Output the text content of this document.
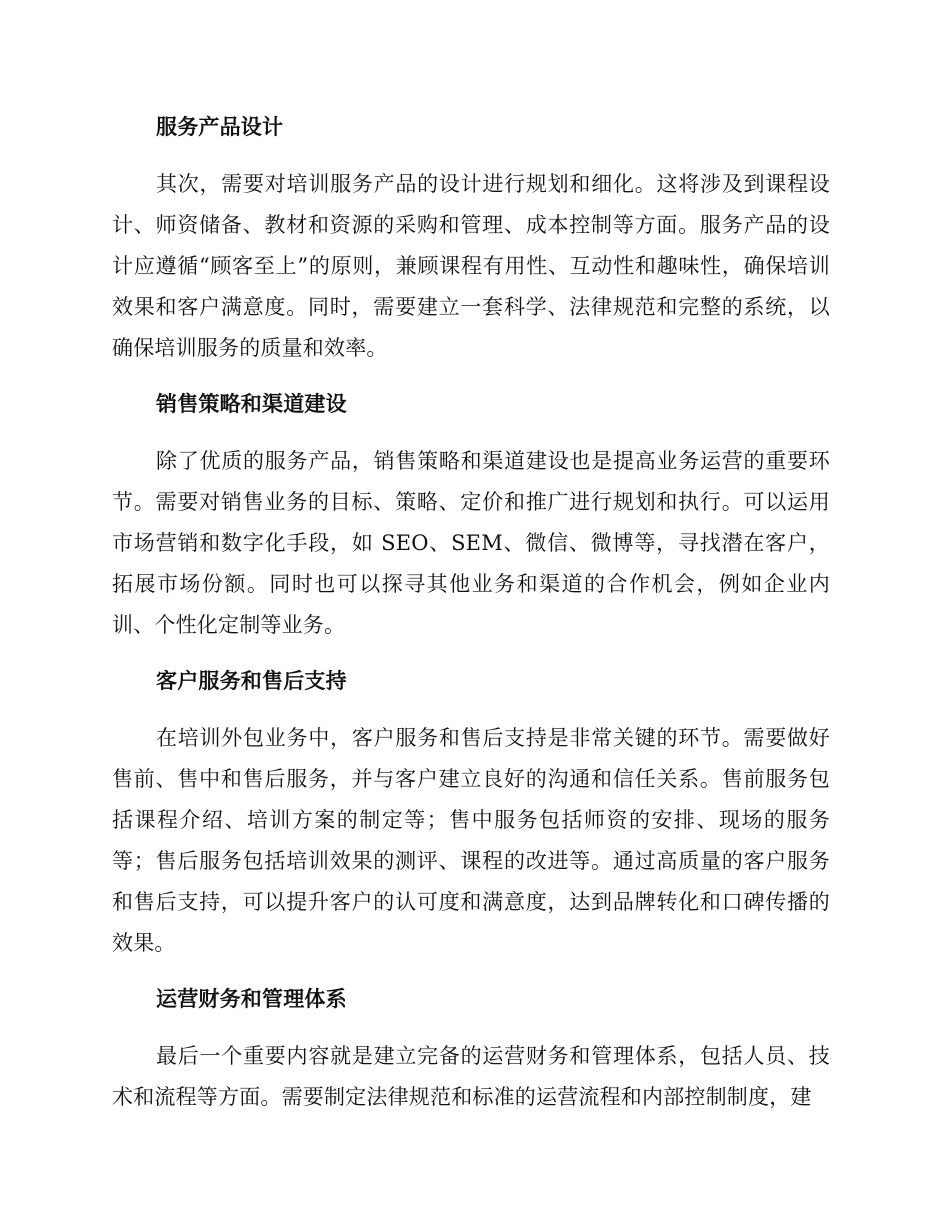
服务产品设计

其次，需要对培训服务产品的设计进行规划和细化。这将涉及到课程设计、师资储备、教材和资源的采购和管理、成本控制等方面。服务产品的设计应遵循“顾客至上”的原则，兼顾课程有用性、互动性和趣味性，确保培训效果和客户满意度。同时，需要建立一套科学、法律规范和完整的系统，以确保培训服务的质量和效率。

销售策略和渠道建设

除了优质的服务产品，销售策略和渠道建设也是提高业务运营的重要环节。需要对销售业务的目标、策略、定价和推广进行规划和执行。可以运用市场营销和数字化手段，如 SEO、SEM、微信、微博等，寻找潜在客户，拓展市场份额。同时也可以探寻其他业务和渠道的合作机会，例如企业内训、个性化定制等业务。

客户服务和售后支持

在培训外包业务中，客户服务和售后支持是非常关键的环节。需要做好售前、售中和售后服务，并与客户建立良好的沟通和信任关系。售前服务包括课程介绍、培训方案的制定等；售中服务包括师资的安排、现场的服务等；售后服务包括培训效果的测评、课程的改进等。通过高质量的客户服务和售后支持，可以提升客户的认可度和满意度，达到品牌转化和口碑传播的效果。

运营财务和管理体系

最后一个重要内容就是建立完备的运营财务和管理体系，包括人员、技术和流程等方面。需要制定法律规范和标准的运营流程和内部控制制度，建
